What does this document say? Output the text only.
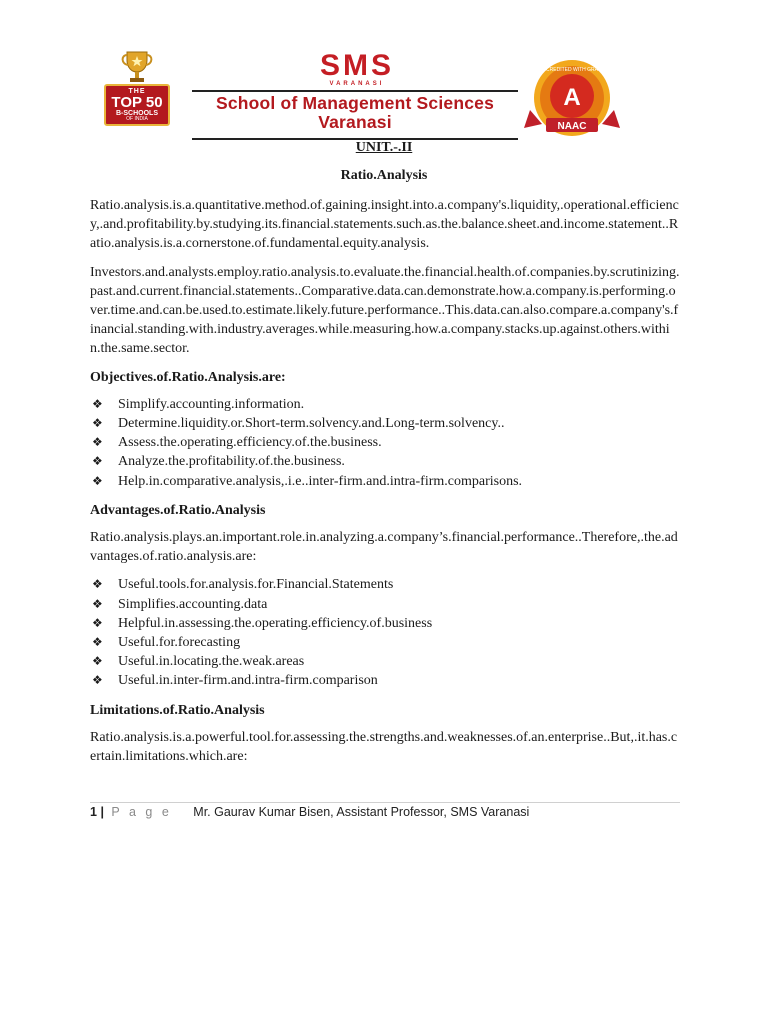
THE
TOP 50
B-SCHOOLS
OF INDIA
SMS
VARANASI
School of Management Sciences
Varanasi
ACCREDITED WITH GRADE
A
NAAC
UNIT.-.II
Ratio.Analysis

Ratio.analysis.is.a.quantitative.method.of.gaining.insight.into.a.company's.liquidity,.operational.efficiency,.and.profitability.by.studying.its.financial.statements.such.as.the.balance.sheet.and.income.statement..Ratio.analysis.is.a.cornerstone.of.fundamental.equity.analysis.

Investors.and.analysts.employ.ratio.analysis.to.evaluate.the.financial.health.of.companies.by.scrutinizing.past.and.current.financial.statements..Comparative.data.can.demonstrate.how.a.company.is.performing.over.time.and.can.be.used.to.estimate.likely.future.performance..This.data.can.also.compare.a.company's.financial.standing.with.industry.averages.while.measuring.how.a.company.stacks.up.against.others.within.the.same.sector.

Objectives.of.Ratio.Analysis.are:
❖ Simplify.accounting.information.
❖ Determine.liquidity.or.Short-term.solvency.and.Long-term.solvency..
❖ Assess.the.operating.efficiency.of.the.business.
❖ Analyze.the.profitability.of.the.business.
❖ Help.in.comparative.analysis,.i.e..inter-firm.and.intra-firm.comparisons.
Advantages.of.Ratio.Analysis

Ratio.analysis.plays.an.important.role.in.analyzing.a.company’s.financial.performance..Therefore,.the.advantages.of.ratio.analysis.are:

❖ Useful.tools.for.analysis.for.Financial.Statements
❖ Simplifies.accounting.data
❖ Helpful.in.assessing.the.operating.efficiency.of.business
❖ Useful.for.forecasting
❖ Useful.in.locating.the.weak.areas
❖ Useful.in.inter-firm.and.intra-firm.comparison
Limitations.of.Ratio.Analysis

Ratio.analysis.is.a.powerful.tool.for.assessing.the.strengths.and.weaknesses.of.an.enterprise..But,.it.has.certain.limitations.which.are:

1 | P a g e Mr. Gaurav Kumar Bisen, Assistant Professor, SMS Varanasi
